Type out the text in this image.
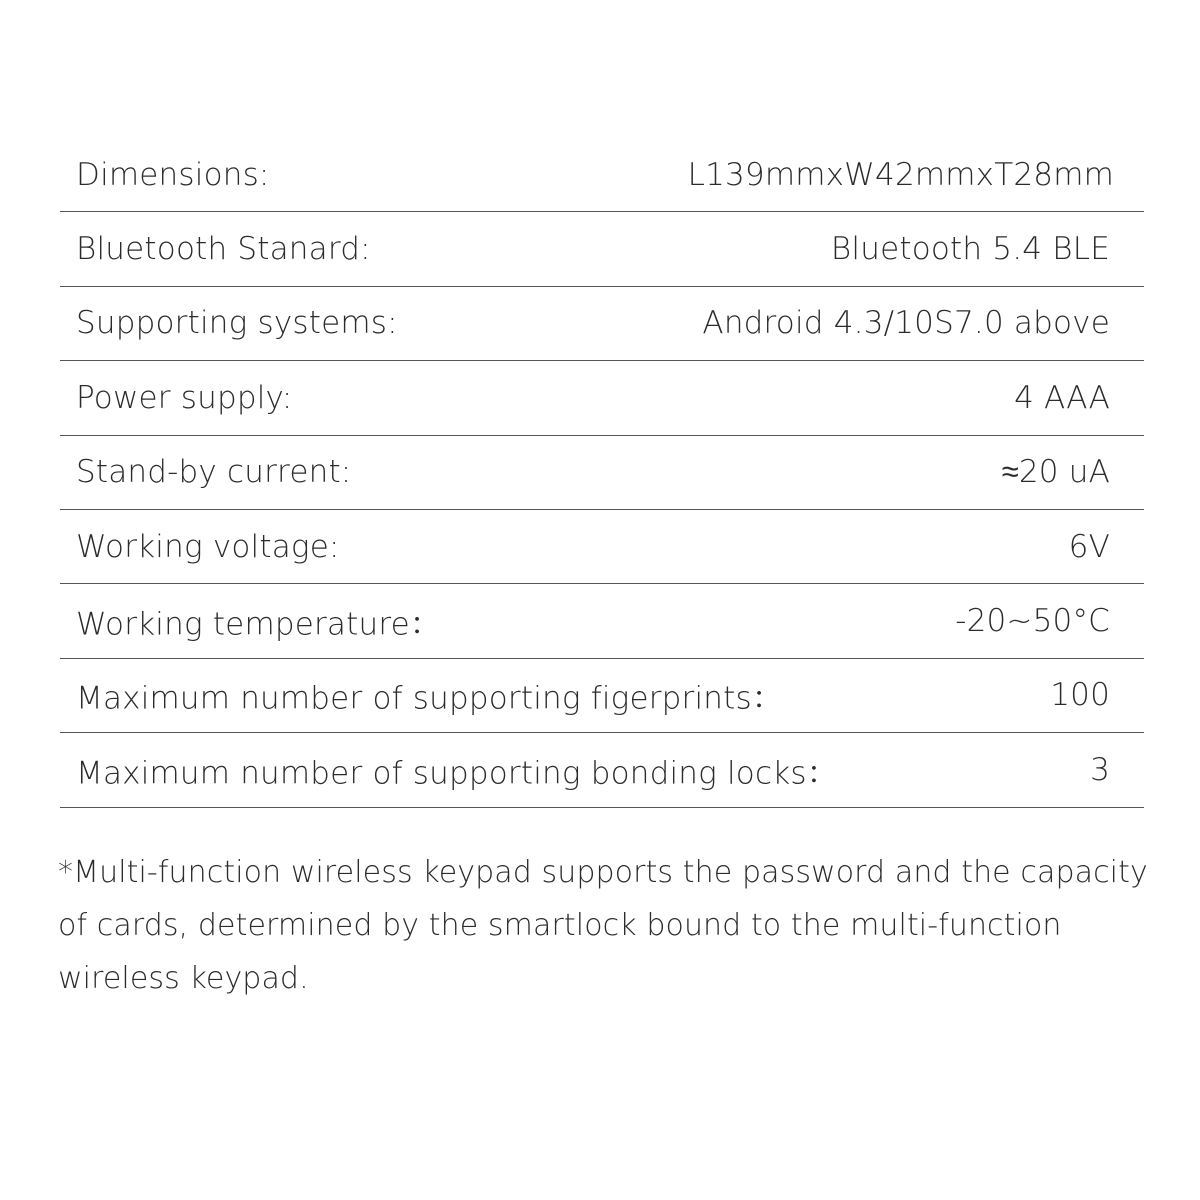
Dimensions:	L139mmxW42mmxT28mm
Bluetooth Stanard:	Bluetooth 5.4 BLE
Supporting systems:	Android 4.3/10S7.0 above
Power supply:	4 AAA
Stand-by current:	≈20 uA
Working voltage:	6V
Working temperature：	-20~50°C
Maximum number of supporting figerprints：	100
Maximum number of supporting bonding locks：	3
*Multi-function wireless keypad supports the password and the capacity
of cards, determined by the smartlock bound to the multi-function
wireless keypad.
